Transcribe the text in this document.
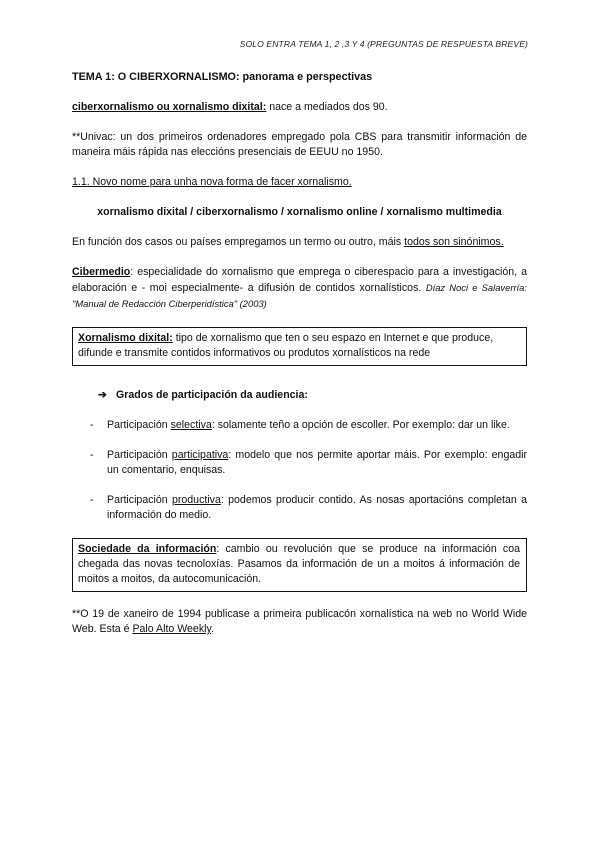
SOLO ENTRA TEMA 1, 2 ,3 Y 4 (PREGUNTAS DE RESPUESTA BREVE)

TEMA 1: O CIBERXORNALISMO: panorama e perspectivas

ciberxornalismo ou xornalismo dixital: nace a mediados dos 90.

**Univac: un dos primeiros ordenadores empregado pola CBS para transmitir información de maneira máis rápida nas eleccións presenciais de EEUU no 1950.

1.1. Novo nome para unha nova forma de facer xornalismo.

xornalismo dixital / ciberxornalismo / xornalismo online / xornalismo multimedia

En función dos casos ou países empregamos un termo ou outro, máis todos son sinónimos.

Cibermedio: especialidade do xornalismo que emprega o ciberespacio para a investigación, a elaboración e - moi especialmente- a difusión de contidos xornalísticos. Díaz Noci e Salaverría: "Manual de Redacción Ciberperidística" (2003)

Xornalismo dixital: tipo de xornalismo que ten o seu espazo en Internet e que produce, difunde e transmite contidos informativos ou produtos xornalísticos na rede

➔ Grados de participación da audiencia:

- Participación selectiva: solamente teño a opción de escoller. Por exemplo: dar un like.
- Participación participativa: modelo que nos permite aportar máis. Por exemplo: engadir un comentario, enquisas.
- Participación productiva: podemos producir contido. As nosas aportacións completan a información do medio.
Sociedade da información: cambio ou revolución que se produce na información coa chegada das novas tecnoloxías. Pasamos da información de un a moitos á información de moitos a moitos, da autocomunicación.

**O 19 de xaneiro de 1994 publicase a primeira publicacón xornalística na web no World Wide Web. Esta é Palo Alto Weekly.
